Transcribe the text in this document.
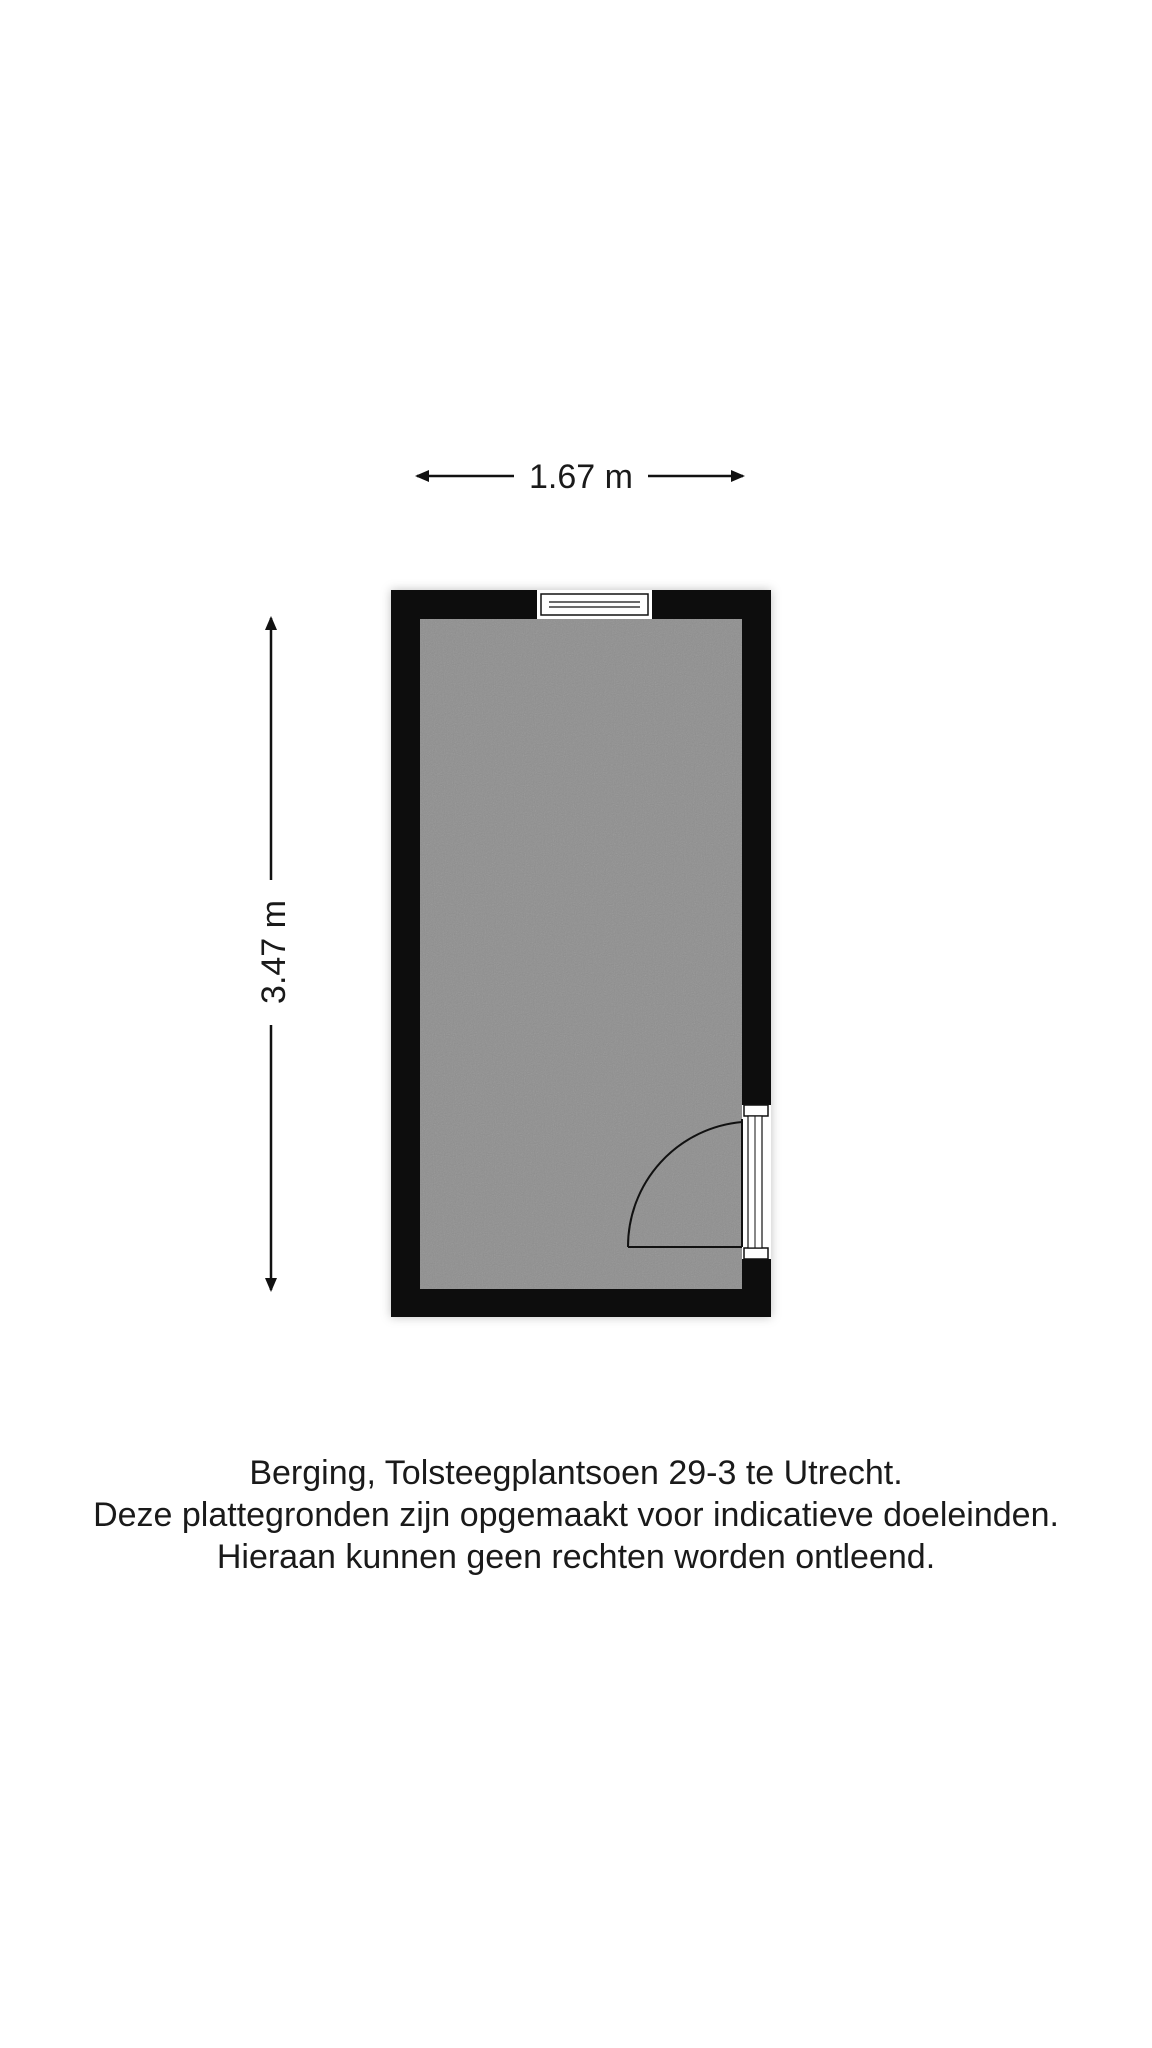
1.67 m
3.47 m
Berging, Tolsteegplantsoen 29-3 te Utrecht.
Deze plattegronden zijn opgemaakt voor indicatieve doeleinden.
Hieraan kunnen geen rechten worden ontleend.
